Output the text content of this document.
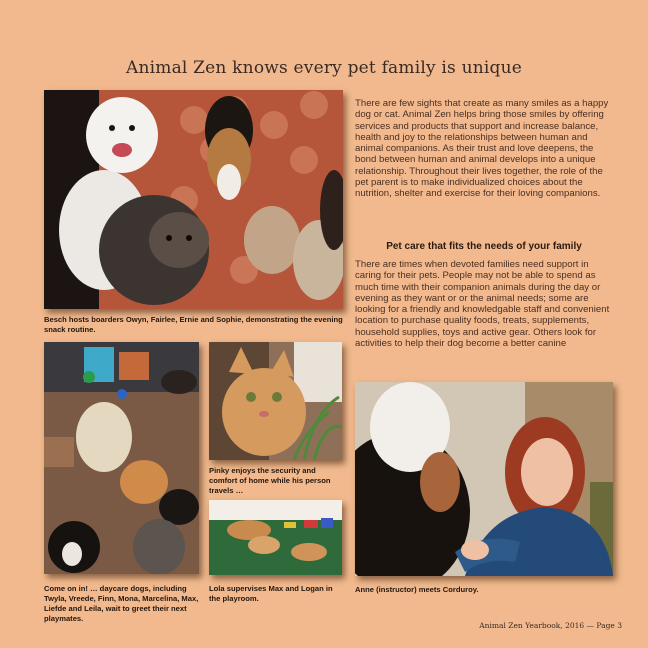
Animal Zen knows every pet family is unique
Besch hosts boarders Owyn, Fairlee, Ernie and Sophie, demonstrating the evening snack routine.
Come on in! … daycare dogs, including Twyla, Vreede, Finn, Mona, Marcelina, Max, Liefde and Leila, wait to greet their next playmates.
Pinky enjoys the security and comfort of home while his person travels …
Lola supervises Max and Logan in the playroom.
Anne (instructor) meets Corduroy.

There are few sights that create as many smiles as a happy dog or cat. Animal Zen helps bring those smiles by offering services and products that support and increase balance, health and joy to the relationships between human and animal companions. As their trust and love deepens, the bond between human and animal develops into a unique relationship. Throughout their lives together, the role of the pet parent is to make individualized choices about the nutrition, shelter and exercise for their loving companions.

Pet care that fits the needs of your family

There are times when devoted families need support in caring for their pets. People may not be able to spend as much time with their companion animals during the day or evening as they want or or the animal needs; some are looking for a friendly and knowledgable staff and convenient location to purchase quality foods, treats, supplements, household supplies, toys and active gear. Others look for activities to help their dog become a better canine

Animal Zen Yearbook, 2016 — Page 3
